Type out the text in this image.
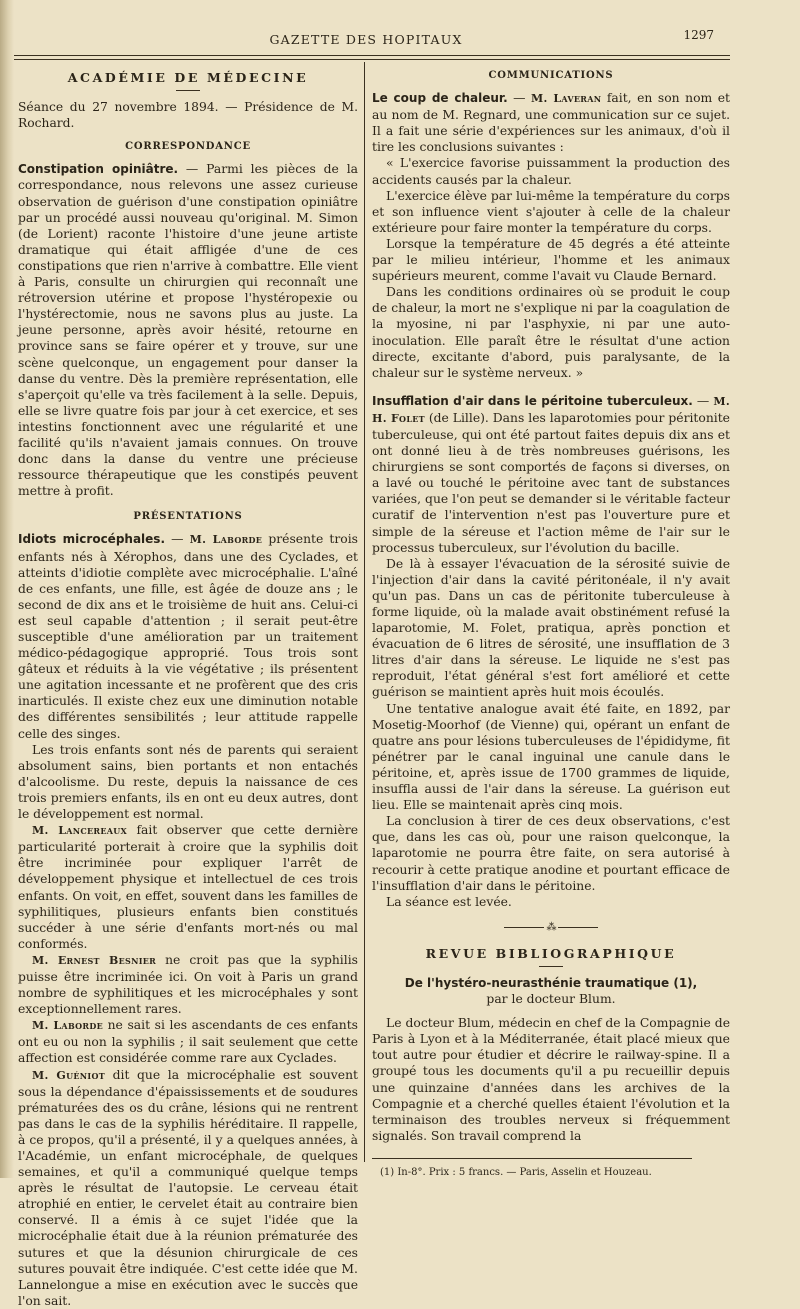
GAZETTE DES HOPITAUX	1297
ACADÉMIE DE MÉDECINE

Séance du 27 novembre 1894. — Présidence de M. Rochard.

CORRESPONDANCE

Constipation opiniâtre. — Parmi les pièces de la correspondance, nous relevons une assez curieuse observation de guérison d'une constipation opiniâtre par un procédé aussi nouveau qu'original. M. Simon (de Lorient) raconte l'histoire d'une jeune artiste dramatique qui était affligée d'une de ces constipations que rien n'arrive à combattre. Elle vient à Paris, consulte un chirurgien qui reconnaît une rétroversion utérine et propose l'hystéropexie ou l'hystérectomie, nous ne savons plus au juste. La jeune personne, après avoir hésité, retourne en province sans se faire opérer et y trouve, sur une scène quelconque, un engagement pour danser la danse du ventre. Dès la première représentation, elle s'aperçoit qu'elle va très facilement à la selle. Depuis, elle se livre quatre fois par jour à cet exercice, et ses intestins fonctionnent avec une régularité et une facilité qu'ils n'avaient jamais connues. On trouve donc dans la danse du ventre une précieuse ressource thérapeutique que les constipés peuvent mettre à profit.

PRÉSENTATIONS

Idiots microcéphales. — M. Laborde présente trois enfants nés à Xérophos, dans une des Cyclades, et atteints d'idiotie complète avec microcéphalie. L'aîné de ces enfants, une fille, est âgée de douze ans ; le second de dix ans et le troisième de huit ans. Celui-ci est seul capable d'attention ; il serait peut-être susceptible d'une amélioration par un traitement médico-pédagogique approprié. Tous trois sont gâteux et réduits à la vie végétative ; ils présentent une agitation incessante et ne profèrent que des cris inarticulés. Il existe chez eux une diminution notable des différentes sensibilités ; leur attitude rappelle celle des singes.

Les trois enfants sont nés de parents qui seraient absolument sains, bien portants et non entachés d'alcoolisme. Du reste, depuis la naissance de ces trois premiers enfants, ils en ont eu deux autres, dont le développement est normal.

M. Lancereaux fait observer que cette dernière particularité porterait à croire que la syphilis doit être incriminée pour expliquer l'arrêt de développement physique et intellectuel de ces trois enfants. On voit, en effet, souvent dans les familles de syphilitiques, plusieurs enfants bien constitués succéder à une série d'enfants mort-nés ou mal conformés.

M. Ernest Besnier ne croit pas que la syphilis puisse être incriminée ici. On voit à Paris un grand nombre de syphilitiques et les microcéphales y sont exceptionnellement rares.

M. Laborde ne sait si les ascendants de ces enfants ont eu ou non la syphilis ; il sait seulement que cette affection est considérée comme rare aux Cyclades.

M. Guéniot dit que la microcéphalie est souvent sous la dépendance d'épaississements et de soudures prématurées des os du crâne, lésions qui ne rentrent pas dans le cas de la syphilis héréditaire. Il rappelle, à ce propos, qu'il a présenté, il y a quelques années, à l'Académie, un enfant microcéphale, de quelques semaines, et qu'il a communiqué quelque temps après le résultat de l'autopsie. Le cerveau était atrophié en entier, le cervelet était au contraire bien conservé. Il a émis à ce sujet l'idée que la microcéphalie était due à la réunion prématurée des sutures et que la désunion chirurgicale de ces sutures pouvait être indiquée. C'est cette idée que M. Lannelongue a mise en exécution avec le succès que l'on sait.

COMMUNICATIONS

Le coup de chaleur. — M. Laveran fait, en son nom et au nom de M. Regnard, une communication sur ce sujet. Il a fait une série d'expériences sur les animaux, d'où il tire les conclusions suivantes :

« L'exercice favorise puissamment la production des accidents causés par la chaleur.

L'exercice élève par lui-même la température du corps et son influence vient s'ajouter à celle de la chaleur extérieure pour faire monter la température du corps.

Lorsque la température de 45 degrés a été atteinte par le milieu intérieur, l'homme et les animaux supérieurs meurent, comme l'avait vu Claude Bernard.

Dans les conditions ordinaires où se produit le coup de chaleur, la mort ne s'explique ni par la coagulation de la myosine, ni par l'asphyxie, ni par une auto-inoculation. Elle paraît être le résultat d'une action directe, excitante d'abord, puis paralysante, de la chaleur sur le système nerveux. »

Insufflation d'air dans le péritoine tuberculeux. — M. H. Folet (de Lille). Dans les laparotomies pour péritonite tuberculeuse, qui ont été partout faites depuis dix ans et ont donné lieu à de très nombreuses guérisons, les chirurgiens se sont comportés de façons si diverses, on a lavé ou touché le péritoine avec tant de substances variées, que l'on peut se demander si le véritable facteur curatif de l'intervention n'est pas l'ouverture pure et simple de la séreuse et l'action même de l'air sur le processus tuberculeux, sur l'évolution du bacille.

De là à essayer l'évacuation de la sérosité suivie de l'injection d'air dans la cavité péritonéale, il n'y avait qu'un pas. Dans un cas de péritonite tuberculeuse à forme liquide, où la malade avait obstinément refusé la laparotomie, M. Folet, pratiqua, après ponction et évacuation de 6 litres de sérosité, une insufflation de 3 litres d'air dans la séreuse. Le liquide ne s'est pas reproduit, l'état général s'est fort amélioré et cette guérison se maintient après huit mois écoulés.

Une tentative analogue avait été faite, en 1892, par Mosetig-Moorhof (de Vienne) qui, opérant un enfant de quatre ans pour lésions tuberculeuses de l'épididyme, fit pénétrer par le canal inguinal une canule dans le péritoine, et, après issue de 1700 grammes de liquide, insuffla aussi de l'air dans la séreuse. La guérison eut lieu. Elle se maintenait après cinq mois.

La conclusion à tirer de ces deux observations, c'est que, dans les cas où, pour une raison quelconque, la laparotomie ne pourra être faite, on sera autorisé à recourir à cette pratique anodine et pourtant efficace de l'insufflation d'air dans le péritoine.

La séance est levée.

⁂
REVUE BIBLIOGRAPHIQUE
De l'hystéro-neurasthénie traumatique (1),
par le docteur Blum.

Le docteur Blum, médecin en chef de la Compagnie de Paris à Lyon et à la Méditerranée, était placé mieux que tout autre pour étudier et décrire le railway-spine. Il a groupé tous les documents qu'il a pu recueillir depuis une quinzaine d'années dans les archives de la Compagnie et a cherché quelles étaient l'évolution et la terminaison des troubles nerveux si fréquemment signalés. Son travail comprend la

(1) In-8°. Prix : 5 francs. — Paris, Asselin et Houzeau.
